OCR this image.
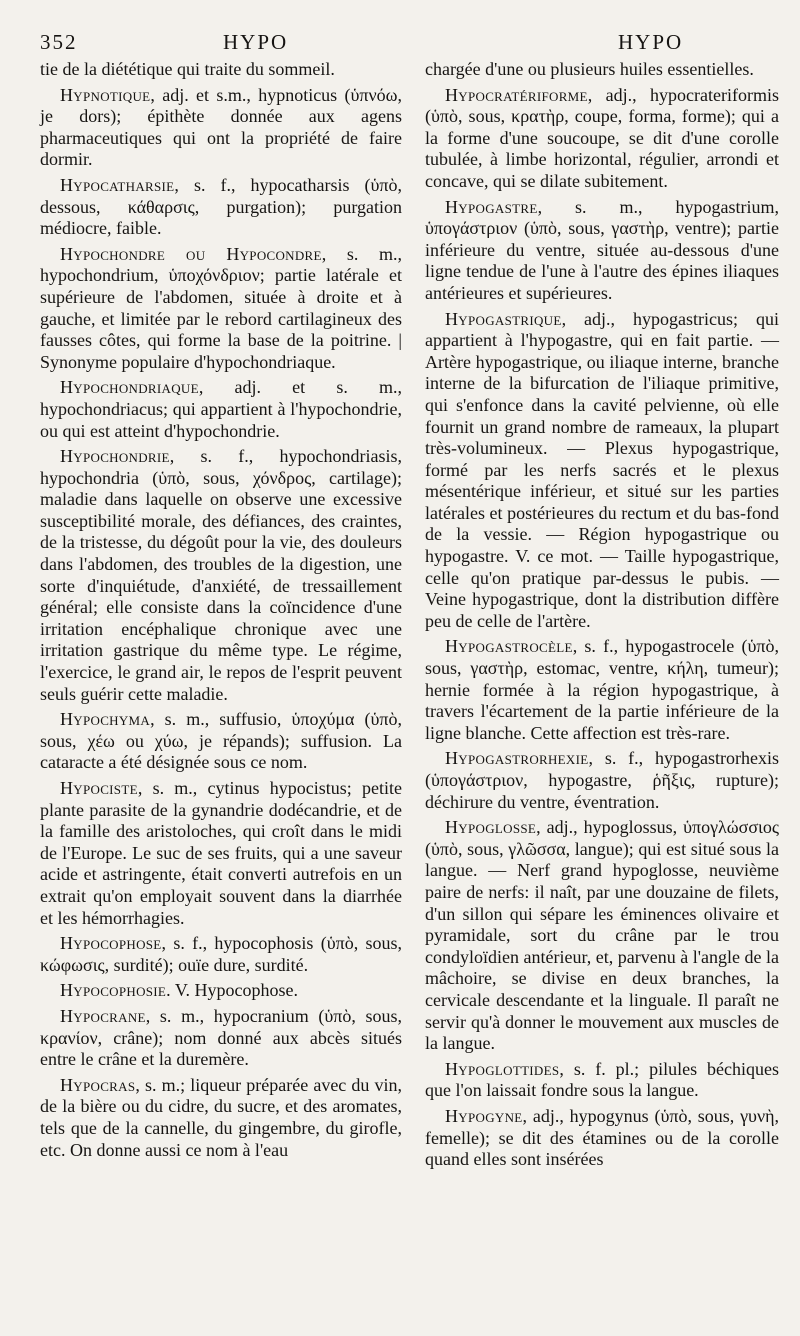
352	HYPO	HYPO

tie de la diététique qui traite du sommeil.

Hypnotique, adj. et s.m., hypnoticus (ὑπνόω, je dors); épithète donnée aux agens pharmaceutiques qui ont la propriété de faire dormir.

Hypocatharsie, s. f., hypocatharsis (ὑπὸ, dessous, κάθαρσις, purgation); purgation médiocre, faible.

Hypochondre ou Hypocondre, s. m., hypochondrium, ὑποχόνδριον; partie latérale et supérieure de l'abdomen, située à droite et à gauche, et limitée par le rebord cartilagineux des fausses côtes, qui forme la base de la poitrine. | Synonyme populaire d'hypochondriaque.

Hypochondriaque, adj. et s. m., hypochondriacus; qui appartient à l'hypochondrie, ou qui est atteint d'hypochondrie.

Hypochondrie, s. f., hypochondriasis, hypochondria (ὑπὸ, sous, χόνδρος, cartilage); maladie dans laquelle on observe une excessive susceptibilité morale, des défiances, des craintes, de la tristesse, du dégoût pour la vie, des douleurs dans l'abdomen, des troubles de la digestion, une sorte d'inquiétude, d'anxiété, de tressaillement général; elle consiste dans la coïncidence d'une irritation encéphalique chronique avec une irritation gastrique du même type. Le régime, l'exercice, le grand air, le repos de l'esprit peuvent seuls guérir cette maladie.

Hypochyma, s. m., suffusio, ὑποχύμα (ὑπὸ, sous, χέω ou χύω, je répands); suffusion. La cataracte a été désignée sous ce nom.

Hypociste, s. m., cytinus hypocistus; petite plante parasite de la gynandrie dodécandrie, et de la famille des aristoloches, qui croît dans le midi de l'Europe. Le suc de ses fruits, qui a une saveur acide et astringente, était converti autrefois en un extrait qu'on employait souvent dans la diarrhée et les hémorrhagies.

Hypocophose, s. f., hypocophosis (ὑπὸ, sous, κώφωσις, surdité); ouïe dure, surdité.

Hypocophosie. V. Hypocophose.

Hypocrane, s. m., hypocranium (ὑπὸ, sous, κρανίον, crâne); nom donné aux abcès situés entre le crâne et la duremère.

Hypocras, s. m.; liqueur préparée avec du vin, de la bière ou du cidre, du sucre, et des aromates, tels que de la cannelle, du gingembre, du girofle, etc. On donne aussi ce nom à l'eau

chargée d'une ou plusieurs huiles essentielles.

Hypocratériforme, adj., hypocrateriformis (ὑπὸ, sous, κρατὴρ, coupe, forma, forme); qui a la forme d'une soucoupe, se dit d'une corolle tubulée, à limbe horizontal, régulier, arrondi et concave, qui se dilate subitement.

Hypogastre, s. m., hypogastrium, ὑπογάστριον (ὑπὸ, sous, γαστὴρ, ventre); partie inférieure du ventre, située au-dessous d'une ligne tendue de l'une à l'autre des épines iliaques antérieures et supérieures.

Hypogastrique, adj., hypogastricus; qui appartient à l'hypogastre, qui en fait partie. — Artère hypogastrique, ou iliaque interne, branche interne de la bifurcation de l'iliaque primitive, qui s'enfonce dans la cavité pelvienne, où elle fournit un grand nombre de rameaux, la plupart très-volumineux. — Plexus hypogastrique, formé par les nerfs sacrés et le plexus mésentérique inférieur, et situé sur les parties latérales et postérieures du rectum et du bas-fond de la vessie. — Région hypogastrique ou hypogastre. V. ce mot. — Taille hypogastrique, celle qu'on pratique par-dessus le pubis. — Veine hypogastrique, dont la distribution diffère peu de celle de l'artère.

Hypogastrocèle, s. f., hypogastrocele (ὑπὸ, sous, γαστὴρ, estomac, ventre, κήλη, tumeur); hernie formée à la région hypogastrique, à travers l'écartement de la partie inférieure de la ligne blanche. Cette affection est très-rare.

Hypogastrorhexie, s. f., hypogastrorhexis (ὑπογάστριον, hypogastre, ῥῆξις, rupture); déchirure du ventre, éventration.

Hypoglosse, adj., hypoglossus, ὑπογλώσσιος (ὑπὸ, sous, γλῶσσα, langue); qui est situé sous la langue. — Nerf grand hypoglosse, neuvième paire de nerfs: il naît, par une douzaine de filets, d'un sillon qui sépare les éminences olivaire et pyramidale, sort du crâne par le trou condyloïdien antérieur, et, parvenu à l'angle de la mâchoire, se divise en deux branches, la cervicale descendante et la linguale. Il paraît ne servir qu'à donner le mouvement aux muscles de la langue.

Hypoglottides, s. f. pl.; pilules béchiques que l'on laissait fondre sous la langue.

Hypogyne, adj., hypogynus (ὑπὸ, sous, γυνὴ, femelle); se dit des étamines ou de la corolle quand elles sont insérées
